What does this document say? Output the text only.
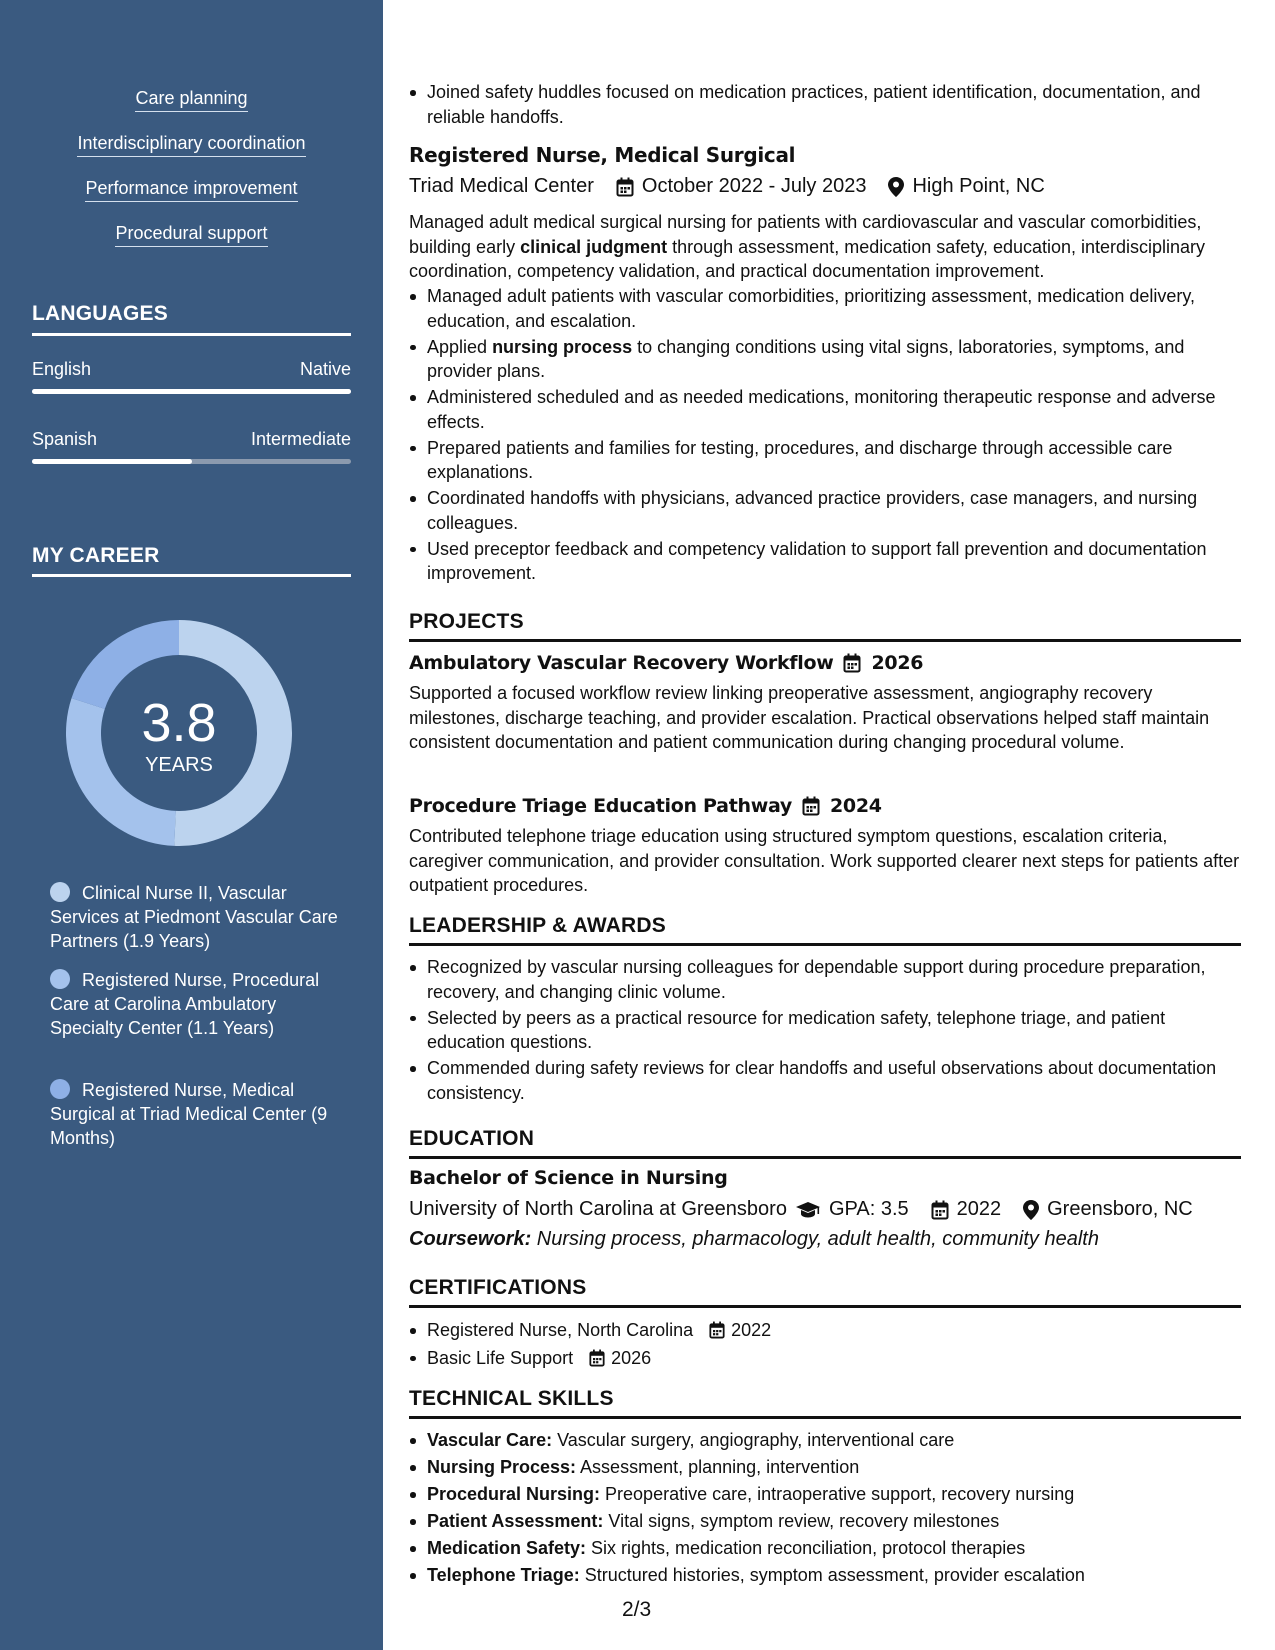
Care planning
Interdisciplinary coordination
Performance improvement
Procedural support
LANGUAGES
English	Native
Spanish	Intermediate
MY CAREER
3.8
YEARS
Clinical Nurse II, Vascular Services at Piedmont Vascular Care Partners (1.9 Years)
Registered Nurse, Procedural Care at Carolina Ambulatory Specialty Center (1.1 Years)
Registered Nurse, Medical Surgical at Triad Medical Center (9 Months)
Joined safety huddles focused on medication practices, patient identification, documentation, and reliable handoffs.
Registered Nurse, Medical Surgical
Triad Medical Center October 2022 - July 2023 High Point, NC
Managed adult medical surgical nursing for patients with cardiovascular and vascular comorbidities, building early clinical judgment through assessment, medication safety, education, interdisciplinary coordination, competency validation, and practical documentation improvement.
Managed adult patients with vascular comorbidities, prioritizing assessment, medication delivery, education, and escalation.
Applied nursing process to changing conditions using vital signs, laboratories, symptoms, and provider plans.
Administered scheduled and as needed medications, monitoring therapeutic response and adverse effects.
Prepared patients and families for testing, procedures, and discharge through accessible care explanations.
Coordinated handoffs with physicians, advanced practice providers, case managers, and nursing colleagues.
Used preceptor feedback and competency validation to support fall prevention and documentation improvement.
PROJECTS
Ambulatory Vascular Recovery Workflow 2026
Supported a focused workflow review linking preoperative assessment, angiography recovery milestones, discharge teaching, and provider escalation. Practical observations helped staff maintain consistent documentation and patient communication during changing procedural volume.
Procedure Triage Education Pathway 2024
Contributed telephone triage education using structured symptom questions, escalation criteria, caregiver communication, and provider consultation. Work supported clearer next steps for patients after outpatient procedures.
LEADERSHIP & AWARDS
Recognized by vascular nursing colleagues for dependable support during procedure preparation, recovery, and changing clinic volume.
Selected by peers as a practical resource for medication safety, telephone triage, and patient education questions.
Commended during safety reviews for clear handoffs and useful observations about documentation consistency.
EDUCATION
Bachelor of Science in Nursing
University of North Carolina at Greensboro GPA: 3.5 2022 Greensboro, NC
Coursework: Nursing process, pharmacology, adult health, community health
CERTIFICATIONS
Registered Nurse, North Carolina 2022
Basic Life Support 2026
TECHNICAL SKILLS
Vascular Care: Vascular surgery, angiography, interventional care
Nursing Process: Assessment, planning, intervention
Procedural Nursing: Preoperative care, intraoperative support, recovery nursing
Patient Assessment: Vital signs, symptom review, recovery milestones
Medication Safety: Six rights, medication reconciliation, protocol therapies
Telephone Triage: Structured histories, symptom assessment, provider escalation
2/3
